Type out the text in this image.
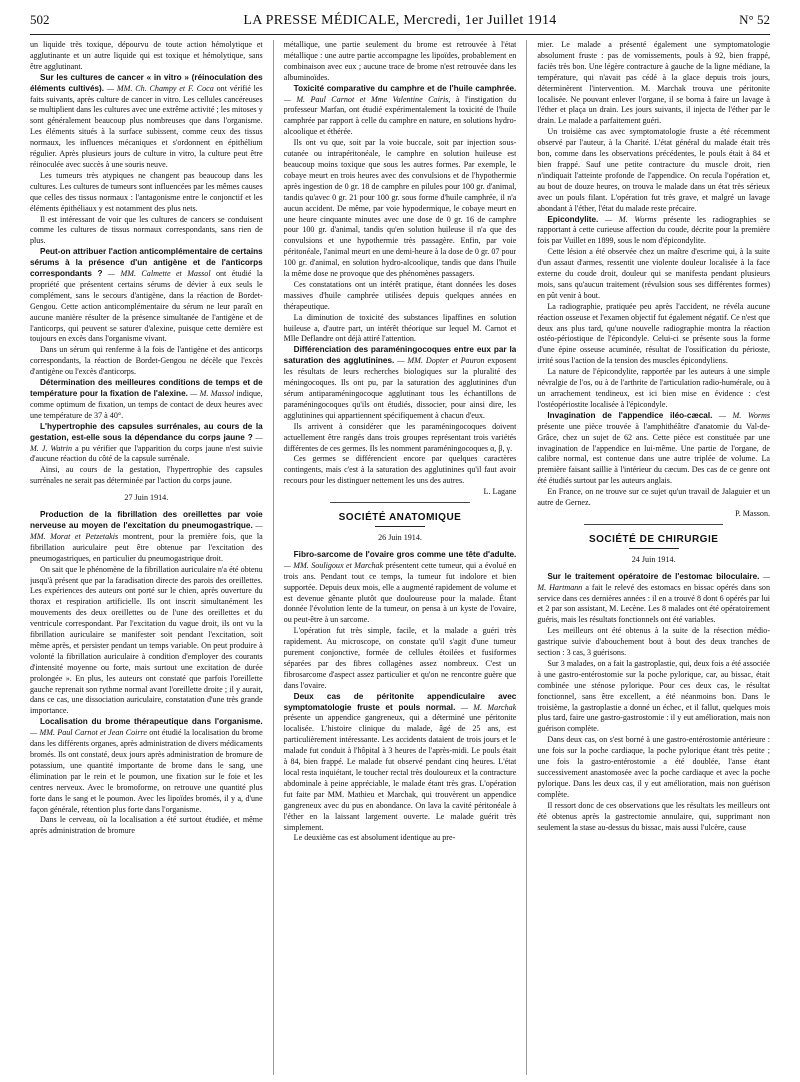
502	LA PRESSE MÉDICALE, Mercredi, 1er Juillet 1914	N° 52

un liquide très toxique, dépourvu de toute action hémolytique et agglutinante et un autre liquide qui est toxique et hémolytique, sans être agglutinant.

Sur les cultures de cancer « in vitro » (réinoculation des éléments cultivés). — MM. Ch. Champy et F. Coca ont vérifié les faits suivants, après culture de cancer in vitro. Les cellules cancéreuses se multiplient dans les cultures avec une extrême activité ; les mitoses y sont généralement beaucoup plus nombreuses que dans l'organisme. Les éléments situés à la surface subissent, comme ceux des tissus normaux, les influences mécaniques et s'ordonnent en épithélium régulier. Après plusieurs jours de culture in vitro, la culture peut être réinoculée avec succès à une souris neuve.

Les tumeurs très atypiques ne changent pas beaucoup dans les cultures. Les cultures de tumeurs sont influencées par les mêmes causes que celles des tissus normaux : l'antagonisme entre le conjonctif et les éléments épithéliaux y est notamment des plus nets.

Il est intéressant de voir que les cultures de cancers se conduisent comme les cultures de tissus normaux correspondants, sans rien de plus.

Peut-on attribuer l'action anticomplémentaire de certains sérums à la présence d'un antigène et de l'anticorps correspondants ? — MM. Calmette et Massol ont étudié la propriété que présentent certains sérums de dévier à eux seuls le complément, sans le secours d'antigène, dans la réaction de Bordet-Gengou. Cette action anticomplémentaire du sérum ne leur paraît en aucune manière résulter de la présence simultanée de l'antigène et de l'anticorps, qui peuvent se saturer d'alexine, puisque cette dernière est toujours en excès dans l'organisme vivant.

Dans un sérum qui renferme à la fois de l'antigène et des anticorps correspondants, la réaction de Bordet-Gengou ne décèle que l'excès d'antigène ou l'excès d'anticorps.

Détermination des meilleures conditions de temps et de température pour la fixation de l'alexine. — M. Massol indique, comme optimum de fixation, un temps de contact de deux heures avec une température de 37 à 40°.

L'hypertrophie des capsules surrénales, au cours de la gestation, est-elle sous la dépendance du corps jaune ? — M. J. Watrin a pu vérifier que l'apparition du corps jaune n'est suivie d'aucune réaction du côté de la capsule surrénale.

Ainsi, au cours de la gestation, l'hypertrophie des capsules surrénales ne serait pas déterminée par l'action du corps jaune.

27 Juin 1914.

Production de la fibrillation des oreillettes par voie nerveuse au moyen de l'excitation du pneumogastrique. — MM. Morat et Petzetakis montrent, pour la première fois, que la fibrillation auriculaire peut être obtenue par l'excitation des pneumogastriques, en particulier du pneumogastrique droit.

On sait que le phénomène de la fibrillation auriculaire n'a été obtenu jusqu'à présent que par la faradisation directe des parois des oreillettes. Les expériences des auteurs ont porté sur le chien, après ouverture du thorax et respiration artificielle. Ils ont inscrit simultanément les mouvements des deux oreillettes ou de l'une des oreillettes et du ventricule correspondant. Par l'excitation du vague droit, ils ont vu la fibrillation auriculaire se manifester soit pendant l'excitation, soit même après, et persister pendant un temps variable. On peut produire à volonté la fibrillation auriculaire à condition d'employer des courants d'intensité moyenne ou forte, mais surtout une excitation de durée prolongée ». En plus, les auteurs ont constaté que parfois l'oreillette gauche reprenait son rythme normal avant l'oreillette droite ; il y aurait, dans ce cas, une dissociation auriculaire, constatation d'une très grande importance.

Localisation du brome thérapeutique dans l'organisme. — MM. Paul Carnot et Jean Coirre ont étudié la localisation du brome dans les différents organes, après administration de divers médicaments bromés. Ils ont constaté, deux jours après administration de bromure de potassium, une quantité importante de brome dans le sang, une élimination par le rein et le poumon, une fixation sur le foie et les centres nerveux. Avec le bromoforme, on retrouve une quantité plus forte dans le sang et le poumon. Avec les lipoïdes bromés, il y a, d'une façon générale, rétention plus forte dans l'organisme.

Dans le cerveau, où la localisation a été surtout étudiée, et même après administration de bromure

métallique, une partie seulement du brome est retrouvée à l'état métallique : une autre partie accompagne les lipoïdes, probablement en combinaison avec eux ; aucune trace de brome n'est retrouvée dans les albuminoïdes.

Toxicité comparative du camphre et de l'huile camphrée. — M. Paul Carnot et Mme Valentine Cairis, à l'instigation du professeur Marfan, ont étudié expérimentalement la toxicité de l'huile camphrée par rapport à celle du camphre en nature, en solutions hydro-alcoolique et éthérée.

Ils ont vu que, soit par la voie buccale, soit par injection sous-cutanée ou intrapéritonéale, le camphre en solution huileuse est beaucoup moins toxique que sous les autres formes. Par exemple, le cobaye meurt en trois heures avec des convulsions et de l'hypothermie après ingestion de 0 gr. 18 de camphre en pilules pour 100 gr. d'animal, tandis qu'avec 0 gr. 21 pour 100 gr. sous forme d'huile camphrée, il n'a aucun accident. De même, par voie hypodermique, le cobaye meurt en une heure cinquante minutes avec une dose de 0 gr. 16 de camphre pour 100 gr. d'animal, tandis qu'en solution huileuse il n'a que des convulsions et une hypothermie très passagère. Enfin, par voie péritonéale, l'animal meurt en une demi-heure à la dose de 0 gr. 07 pour 100 gr. d'animal, en solution hydro-alcoolique, tandis que dans l'huile la même dose ne provoque que des phénomènes passagers.

Ces constatations ont un intérêt pratique, étant données les doses massives d'huile camphrée utilisées depuis quelques années en thérapeutique.

La diminution de toxicité des substances lipaffines en solution huileuse a, d'autre part, un intérêt théorique sur lequel M. Carnot et Mlle Deflandre ont déjà attiré l'attention.

Différenciation des paraméningocoques entre eux par la saturation des agglutinines. — MM. Dopter et Pauron exposent les résultats de leurs recherches biologiques sur la pluralité des méningocoques. Ils ont pu, par la saturation des agglutinines d'un sérum antiparaméningocoque agglutinant tous les échantillons de paraméningocoques qu'ils ont étudiés, dissocier, pour ainsi dire, les agglutinines qui appartiennent spécifiquement à chacun d'eux.

Ils arrivent à considérer que les paraméningocoques doivent actuellement être rangés dans trois groupes représentant trois variétés différentes de ces germes. Ils les nomment paraméningocoques α, β, γ.

Ces germes se différencient encore par quelques caractères contingents, mais c'est à la saturation des agglutinines qu'il faut avoir recours pour les distinguer nettement les uns des autres.

L. Lagane

SOCIÉTÉ ANATOMIQUE
26 Juin 1914.

Fibro-sarcome de l'ovaire gros comme une tête d'adulte. — MM. Souligoux et Marchak présentent cette tumeur, qui a évolué en trois ans. Pendant tout ce temps, la tumeur fut indolore et bien supportée. Depuis deux mois, elle a augmenté rapidement de volume et est devenue gênante plutôt que douloureuse pour la malade. Étant donnée l'évolution lente de la tumeur, on pensa à un kyste de l'ovaire, ou peut-être à un sarcome.

L'opération fut très simple, facile, et la malade a guéri très rapidement. Au microscope, on constate qu'il s'agit d'une tumeur purement conjonctive, formée de cellules étoilées et fusiformes séparées par des fibres collagènes assez nombreux. C'est un fibrosarcome d'aspect assez particulier et qu'on ne rencontre guère que dans l'ovaire.

Deux cas de péritonite appendiculaire avec symptomatologie fruste et pouls normal. — M. Marchak présente un appendice gangreneux, qui a déterminé une péritonite localisée. L'histoire clinique du malade, âgé de 25 ans, est particulièrement intéressante. Les accidents dataient de trois jours et le malade fut conduit à l'hôpital à 3 heures de l'après-midi. Le pouls était à 84, bien frappé. Le malade fut observé pendant cinq heures. L'état local resta inquiétant, le toucher rectal très douloureux et la contracture abdominale à peine appréciable, le malade étant très gras. L'opération fut faite par MM. Mathieu et Marchak, qui trouvèrent un appendice gangreneux avec du pus en abondance. On lava la cavité péritonéale à l'éther en la laissant largement ouverte. Le malade guérit très simplement.

Le deuxième cas est absolument identique au pre-

mier. Le malade a présenté également une symptomatologie absolument fruste : pas de vomissements, pouls à 92, bien frappé, faciès très bon. Une légère contracture à gauche de la ligne médiane, la température, qui n'avait pas cédé à la glace depuis trois jours, déterminèrent l'intervention. M. Marchak trouva une péritonite localisée. Ne pouvant enlever l'organe, il se borna à faire un lavage à l'éther et plaça un drain. Les jours suivants, il injecta de l'éther par le drain. Le malade a parfaitement guéri.

Un troisième cas avec symptomatologie fruste a été récemment observé par l'auteur, à la Charité. L'état général du malade était très bon, comme dans les observations précédentes, le pouls était à 84 et bien frappé. Sauf une petite contracture du muscle droit, rien n'indiquait l'atteinte profonde de l'appendice. On recula l'opération et, au bout de douze heures, on trouva le malade dans un état très sérieux avec un pouls filant. L'opération fut très grave, et malgré un lavage abondant à l'éther, l'état du malade reste précaire.

Epicondylite. — M. Worms présente les radiographies se rapportant à cette curieuse affection du coude, décrite pour la première fois par Vuillet en 1899, sous le nom d'épicondylite.

Cette lésion a été observée chez un maître d'escrime qui, à la suite d'un assaut d'armes, ressentit une violente douleur localisée à la face externe du coude droit, douleur qui se manifesta pendant plusieurs mois, sans qu'aucun traitement (révulsion sous ses différentes formes) en pût venir à bout.

La radiographie, pratiquée peu après l'accident, ne révéla aucune réaction osseuse et l'examen objectif fut également négatif. Ce n'est que deux ans plus tard, qu'une nouvelle radiographie montra la réaction ostéo-périostique de l'épicondyle. Celui-ci se présente sous la forme d'une épine osseuse acuminée, résultat de l'ossification du périoste, irrité sous l'action de la tension des muscles épicondyliens.

La nature de l'épicondylite, rapportée par les auteurs à une simple névralgie de l'os, ou à de l'arthrite de l'articulation radio-humérale, ou à un arrachement tendineux, est ici bien mise en évidence : c'est l'ostéopériostite localisée à l'épicondyle.

Invagination de l'appendice iléo-cæcal. — M. Worms présente une pièce trouvée à l'amphithéâtre d'anatomie du Val-de-Grâce, chez un sujet de 62 ans. Cette pièce est constituée par une invagination de l'appendice en lui-même. Une partie de l'organe, de calibre normal, est contenue dans une autre triplée de volume. La première faisant saillie à l'intérieur du cæcum. Des cas de ce genre ont été étudiés surtout par les auteurs anglais.

En France, on ne trouve sur ce sujet qu'un travail de Jalaguier et un autre de Gernez.

P. Masson.

SOCIÉTÉ DE CHIRURGIE
24 Juin 1914.

Sur le traitement opératoire de l'estomac biloculaire. — M. Hartmann a fait le relevé des estomacs en bissac opérés dans son service dans ces dernières années : il en a trouvé 8 dont 6 opérés par lui et 2 par son assistant, M. Lecène. Les 8 malades ont été opératoirement guéris, mais les résultats fonctionnels ont été variables.

Les meilleurs ont été obtenus à la suite de la résection médio-gastrique suivie d'abouchement bout à bout des deux tranches de section : 3 cas, 3 guérisons.

Sur 3 malades, on a fait la gastroplastie, qui, deux fois a été associée à une gastro-entérostomie sur la poche pylorique, car, au bissac, était combinée une sténose pylorique. Pour ces deux cas, le résultat fonctionnel, sans être excellent, a été néanmoins bon. Dans le troisième, la gastroplastie a donné un échec, et il fallut, quelques mois plus tard, faire une gastro-gastrostomie : il y eut amélioration, mais non guérison complète.

Dans deux cas, on s'est borné à une gastro-entérostomie antérieure : une fois sur la poche cardiaque, la poche pylorique étant très petite ; une fois la gastro-entérostomie a été doublée, l'anse étant successivement anastomosée avec la poche cardiaque et avec la poche pylorique. Dans les deux cas, il y eut amélioration, mais non guérison complète.

Il ressort donc de ces observations que les résultats les meilleurs ont été obtenus après la gastrectomie annulaire, qui, supprimant non seulement la stase au-dessus du bissac, mais aussi l'ulcère, cause
